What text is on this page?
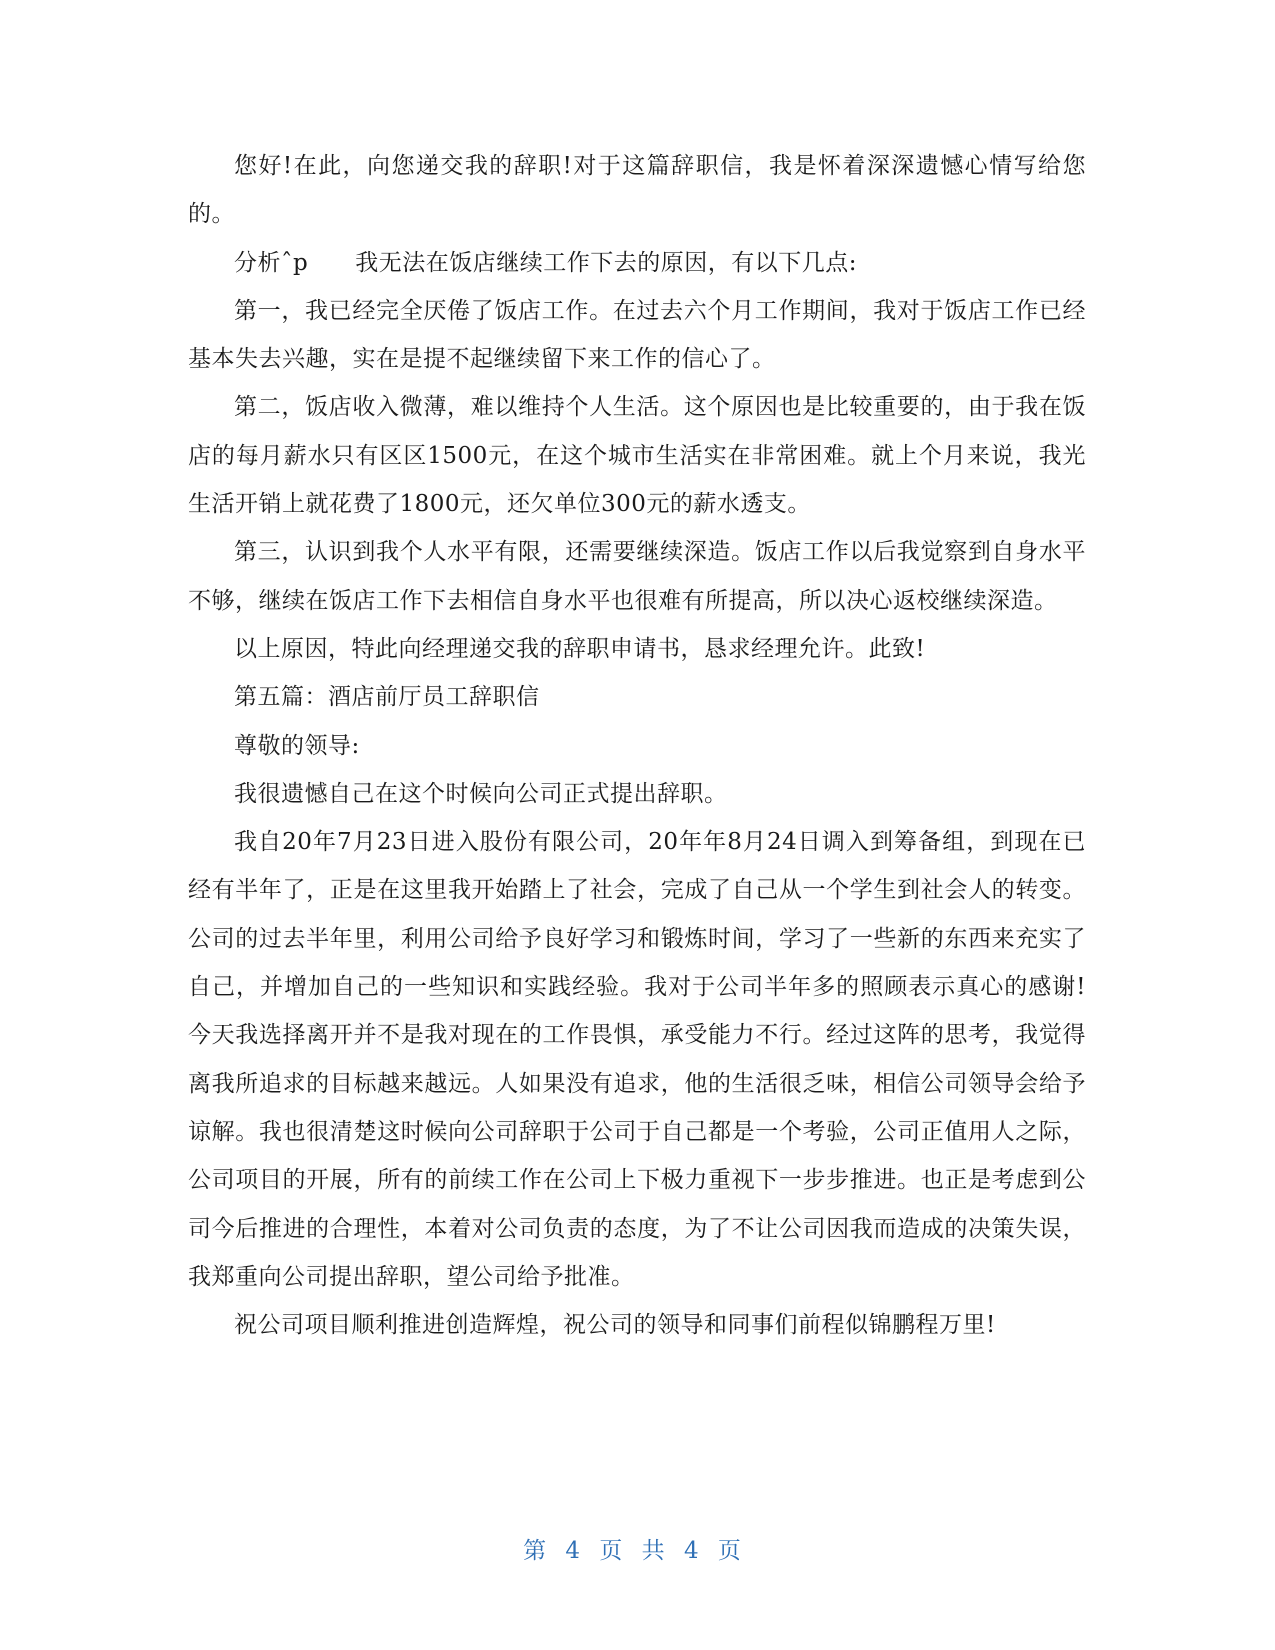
您好!在此，向您递交我的辞职!对于这篇辞职信，我是怀着深深遗憾心情写给您的。

分析ˆp　　我无法在饭店继续工作下去的原因，有以下几点:

第一，我已经完全厌倦了饭店工作。在过去六个月工作期间，我对于饭店工作已经基本失去兴趣，实在是提不起继续留下来工作的信心了。

第二，饭店收入微薄，难以维持个人生活。这个原因也是比较重要的，由于我在饭店的每月薪水只有区区1500元，在这个城市生活实在非常困难。就上个月来说，我光生活开销上就花费了1800元，还欠单位300元的薪水透支。

第三，认识到我个人水平有限，还需要继续深造。饭店工作以后我觉察到自身水平不够，继续在饭店工作下去相信自身水平也很难有所提高，所以决心返校继续深造。

以上原因，特此向经理递交我的辞职申请书，恳求经理允许。此致!

第五篇：酒店前厅员工辞职信

尊敬的领导:

我很遗憾自己在这个时候向公司正式提出辞职。

我自20年7月23日进入股份有限公司，20年年8月24日调入到筹备组，到现在已经有半年了，正是在这里我开始踏上了社会，完成了自己从一个学生到社会人的转变。公司的过去半年里，利用公司给予良好学习和锻炼时间，学习了一些新的东西来充实了自己，并增加自己的一些知识和实践经验。我对于公司半年多的照顾表示真心的感谢!今天我选择离开并不是我对现在的工作畏惧，承受能力不行。经过这阵的思考，我觉得离我所追求的目标越来越远。人如果没有追求，他的生活很乏味，相信公司领导会给予谅解。我也很清楚这时候向公司辞职于公司于自己都是一个考验，公司正值用人之际，公司项目的开展，所有的前续工作在公司上下极力重视下一步步推进。也正是考虑到公司今后推进的合理性，本着对公司负责的态度，为了不让公司因我而造成的决策失误，我郑重向公司提出辞职，望公司给予批准。

祝公司项目顺利推进创造辉煌，祝公司的领导和同事们前程似锦鹏程万里!

第 4 页 共 4 页
